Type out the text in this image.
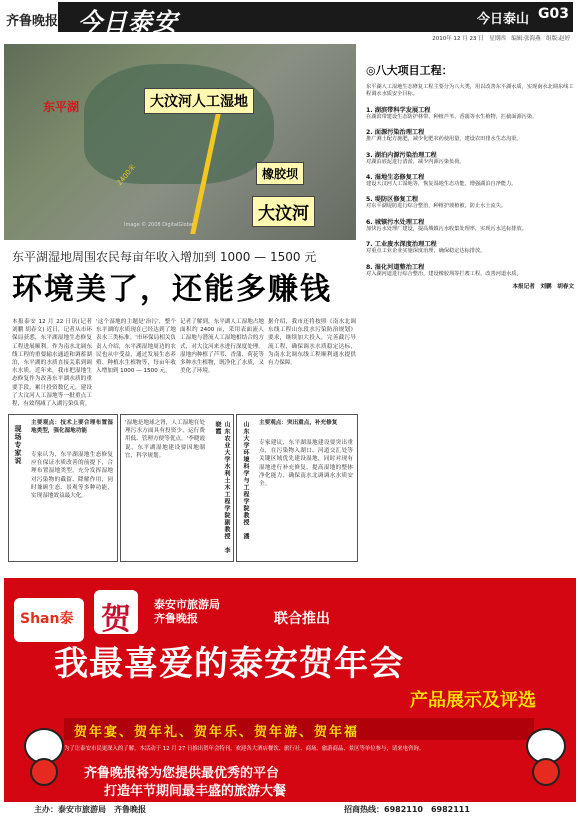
齐鲁晚报 今日泰安	今日泰山 G03
2010年 12 月 23 日　星期四　编辑:张海燕　组版:赵婷
东平湖	大汶河人工湿地
橡胶坝
大汶河
2400米
Image © 2008 DigitalGlobe
东平湖湿地周围农民每亩年收入增加到 1000 — 1500 元
环境美了，还能多赚钱
本报泰安 12 月 22 日讯(记者 刘鹏 胡春文) 近日，记者从市环保局获悉，东平湖湿地生态修复工程进展顺利。作为南水北调东线工程的重要输水通道和调蓄湖泊，东平湖的水质直接关系到调水水质。近年来，我市把湿地生态修复作为改善东平湖水质的重要手段，累计投资数亿元，建设了大汶河人工湿地等一批重点工程，有效削减了入湖污染负荷。
'这个湿地的主题是'治污'，整个东平湖的水质现在已经达到了地表水三类标准。'市环保局相关负责人介绍，东平湖湿地周边的农民也从中受益，通过发展生态养殖、种植水生植物等，每亩年收入增加到 1000 — 1500 元。
记者了解到，东平湖人工湿地占地面积约 2400 亩，采用表面流人工湿地与潜流人工湿地相结合的方式，对大汶河来水进行深度处理。湿地内种植了芦苇、香蒲、荷花等多种水生植物，既净化了水质，又美化了环境。
据介绍，我市还将按照《南水北调东线工程山东段水污染防治规划》要求，继续加大投入，完善截污导流工程，确保调水水质稳定达标，为南水北调东线工程顺利通水提供有力保障。
现场专家说
主要观点：技术上要合理布置湿地类型，强化湿地功能
专家认为，东平湖湿地生态修复应在保证水质改善的前提下，合理布置湿地类型，充分发挥湿地对污染物的截留、降解作用，同时兼顾生态、景观等多种功能，实现湿地效益最大化。
'湿地是地球之肾，人工湿地在处理污水方面具有投资少、运行费用低、管理方便等优点。'李晓霞说，东平湖湿地建设要因地制宜，科学规划。	山东农业大学水利土木工程学院副教授　李晓霞	山东大学环境科学与工程学院教授　潘 主要观点：突出重点，补充修复
专家建议，东平湖湿地建设要突出重点，在污染物入湖口、河道交汇处等关键区域优先建设湿地，同时对现有湿地进行补充修复，提高湿地的整体净化能力，确保南水北调调水水质安全。
◎八大项目工程：
东平湖人工湿地生态修复工程主要分为八大类，用以改善东平湖水质，实现南水北调东线工程调水水质安全目标。
1. 湖滨带科学发展工程
在湖滨带建设生态防护林带，种植芦苇、香蒲等水生植物，拦截面源污染。
2. 面源污染治理工程
推广测土配方施肥，减少化肥农药使用量，建设农田排水生态沟渠。
3. 湖泊内源污染治理工程
对湖泊底泥进行清淤，减少内源污染负荷。
4. 湿地生态修复工程
建设大汶河人工湿地等，恢复湿地生态功能，增强湖泊自净能力。
5. 堤防区修复工程
对东平湖堤防进行综合整治，种植护坡植被，防止水土流失。
6. 城镇污水处理工程
加快污水处理厂建设，提高城镇污水收集处理率，实现污水达标排放。
7. 工业废水深度治理工程
对重点工业企业实施深度治理，确保稳定达标排放。
8. 湿化河道整治工程
对入湖河道进行综合整治，建设橡胶坝等拦蓄工程，改善河道水质。
本报记者　刘鹏　胡春文
Shan泰 贺 泰安市旅游局
齐鲁晚报	联合推出
我最喜爱的泰安贺年会
产品展示及评选
贺年宴、贺年礼、贺年乐、贺年游、贺年福
为了让泰安市民更深入的了解，本活动于 12 月 27 日推出贺年会特刊，欢迎各大酒店餐饮、旅行社、商场、旅游商品、景区等单位参与，请来电咨询。
齐鲁晚报将为您提供最优秀的平台
打造年节期间最丰盛的旅游大餐
主办：泰安市旅游局　齐鲁晚报	招商热线：6982110　6982111
